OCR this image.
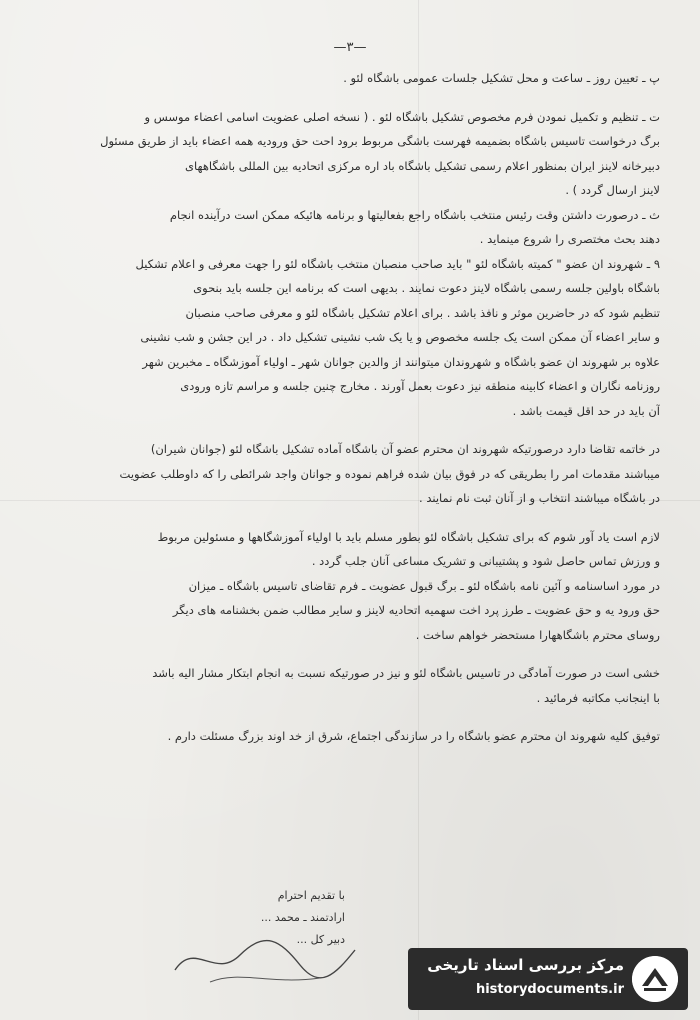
—۳—
پ ـ تعیین روز ـ ساعت و محل تشکیل جلسات عمومی باشگاه لئو .
ت ـ تنظیم و تکمیل نمودن فرم مخصوص تشکیل باشگاه لئو . ( نسخه اصلی عضویت اسامی اعضاء موسس و
برگ درخواست تاسیس باشگاه بضمیمه فهرست باشگی مربوط برود احت حق ورودیه همه اعضاء باید از طریق مسئول
دبیرخانه لاینز ایران بمنظور اعلام رسمی تشکیل باشگاه باد اره مرکزی اتحادیه بین المللی باشگاههای
لاینز ارسال گردد ) .
ث ـ درصورت داشتن وقت رئیس منتخب باشگاه راجع بفعالیتها و برنامه هائیکه ممکن است درآینده انجام
دهند بحث مختصری را شروع مینماید .
۹ ـ شهروند ان عضو " کمیته باشگاه لئو " باید صاحب منصبان منتخب باشگاه لئو را جهت معرفی و اعلام تشکیل
باشگاه باولین جلسه رسمی باشگاه لاینز دعوت نمایند . بدیهی است که برنامه این جلسه باید بنحوی
تنظیم شود که در حاضرین موثر و نافذ باشد . برای اعلام تشکیل باشگاه لئو و معرفی صاحب منصبان
و سایر اعضاء آن ممکن است یک جلسه مخصوص و یا یک شب نشینی تشکیل داد . در این جشن و شب نشینی
علاوه بر شهروند ان عضو باشگاه و شهروندان میتوانند از والدین جوانان شهر ـ اولیاء آموزشگاه ـ مخبرین شهر
روزنامه نگاران و اعضاء کابینه منطقه نیز دعوت بعمل آورند . مخارج چنین جلسه و مراسم تازه ورودی
آن باید در حد اقل قیمت باشد .
در خاتمه تقاضا دارد درصورتیکه شهروند ان محترم عضو آن باشگاه آماده تشکیل باشگاه لئو (جوانان شیران)
میباشند مقدمات امر را بطریقی که در فوق بیان شده فراهم نموده و جوانان واجد شرائطی را که داوطلب عضویت
در باشگاه میباشند انتخاب و از آنان ثبت نام نمایند .
لازم است یاد آور شوم که برای تشکیل باشگاه لئو بطور مسلم باید با اولیاء آموزشگاهها و مسئولین مربوط
و ورزش تماس حاصل شود و پشتیبانی و تشریک مساعی آنان جلب گردد .
در مورد اساسنامه و آئین نامه باشگاه لئو ـ برگ قبول عضویت ـ فرم تقاضای تاسیس باشگاه ـ میزان
حق ورود یه و حق عضویت ـ طرز پرد اخت سهمیه اتحادیه لاینز و سایر مطالب ضمن بخشنامه های دیگر
روسای محترم باشگاههارا مستحضر خواهم ساخت .
خشی است در صورت آمادگی در تاسیس باشگاه لئو و نیز در صورتیکه نسبت به انجام ابتکار مشار الیه باشد
با اینجانب مکاتبه فرمائید .
توفیق کلیه شهروند ان محترم عضو باشگاه را در سازندگی اجتماع، شرق از خد اوند بزرگ مسئلت دارم .
با تقدیم احترام
ارادتمند ـ محمد ...
دبیر کل ...
مرکز بررسی اسناد تاریخی
historydocuments.ir
